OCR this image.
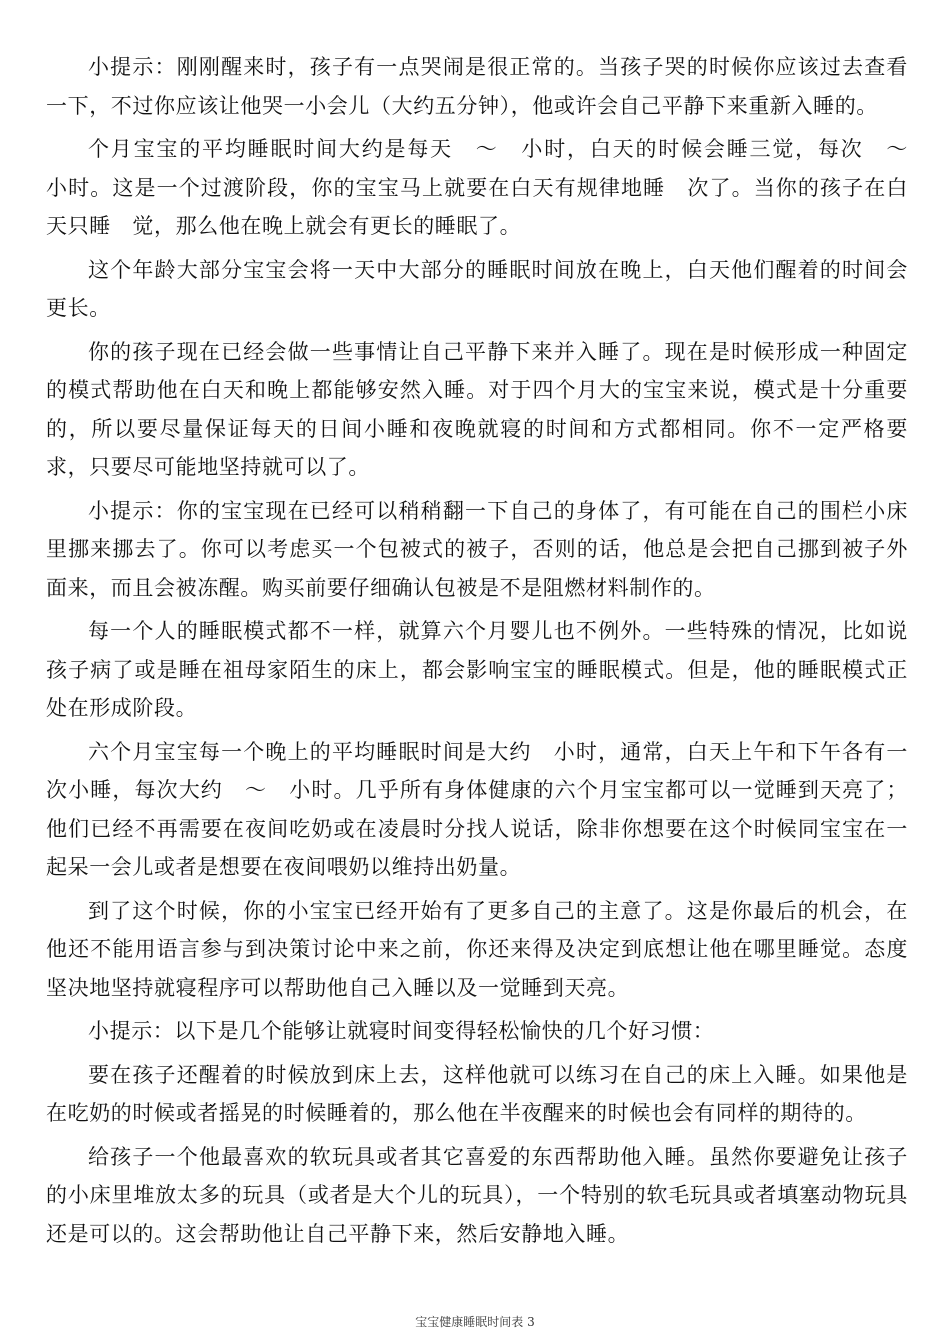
小提示：刚刚醒来时，孩子有一点哭闹是很正常的。当孩子哭的时候你应该过去查看一下，不过你应该让他哭一小会儿（大约五分钟），他或许会自己平静下来重新入睡的。

个月宝宝的平均睡眠时间大约是每天　～　小时，白天的时候会睡三觉，每次　～　小时。这是一个过渡阶段，你的宝宝马上就要在白天有规律地睡　次了。当你的孩子在白天只睡　觉，那么他在晚上就会有更长的睡眠了。

这个年龄大部分宝宝会将一天中大部分的睡眠时间放在晚上，白天他们醒着的时间会更长。

你的孩子现在已经会做一些事情让自己平静下来并入睡了。现在是时候形成一种固定的模式帮助他在白天和晚上都能够安然入睡。对于四个月大的宝宝来说，模式是十分重要的，所以要尽量保证每天的日间小睡和夜晚就寝的时间和方式都相同。你不一定严格要求，只要尽可能地坚持就可以了。

小提示：你的宝宝现在已经可以稍稍翻一下自己的身体了，有可能在自己的围栏小床里挪来挪去了。你可以考虑买一个包被式的被子，否则的话，他总是会把自己挪到被子外面来，而且会被冻醒。购买前要仔细确认包被是不是阻燃材料制作的。

每一个人的睡眠模式都不一样，就算六个月婴儿也不例外。一些特殊的情况，比如说孩子病了或是睡在祖母家陌生的床上，都会影响宝宝的睡眠模式。但是，他的睡眠模式正处在形成阶段。

六个月宝宝每一个晚上的平均睡眠时间是大约　小时，通常，白天上午和下午各有一次小睡，每次大约　～　小时。几乎所有身体健康的六个月宝宝都可以一觉睡到天亮了；他们已经不再需要在夜间吃奶或在凌晨时分找人说话，除非你想要在这个时候同宝宝在一起呆一会儿或者是想要在夜间喂奶以维持出奶量。

到了这个时候，你的小宝宝已经开始有了更多自己的主意了。这是你最后的机会，在他还不能用语言参与到决策讨论中来之前，你还来得及决定到底想让他在哪里睡觉。态度坚决地坚持就寝程序可以帮助他自己入睡以及一觉睡到天亮。

小提示：以下是几个能够让就寝时间变得轻松愉快的几个好习惯：

要在孩子还醒着的时候放到床上去，这样他就可以练习在自己的床上入睡。如果他是在吃奶的时候或者摇晃的时候睡着的，那么他在半夜醒来的时候也会有同样的期待的。

给孩子一个他最喜欢的软玩具或者其它喜爱的东西帮助他入睡。虽然你要避免让孩子的小床里堆放太多的玩具（或者是大个儿的玩具），一个特别的软毛玩具或者填塞动物玩具还是可以的。这会帮助他让自己平静下来，然后安静地入睡。

宝宝健康睡眠时间表 3
